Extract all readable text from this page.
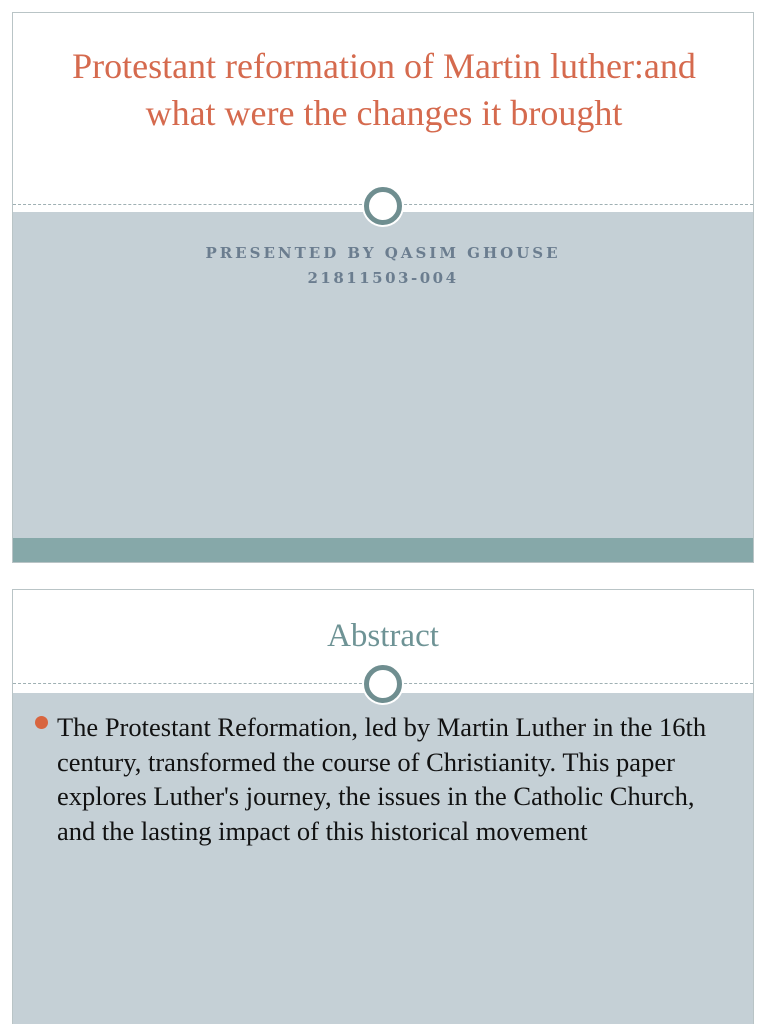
Protestant reformation of Martin luther:and what were the changes it brought
PRESENTED BY QASIM GHOUSE
21811503-004
Abstract
The Protestant Reformation, led by Martin Luther in the 16th century, transformed the course of Christianity. This paper explores Luther's journey, the issues in the Catholic Church, and the lasting impact of this historical movement
